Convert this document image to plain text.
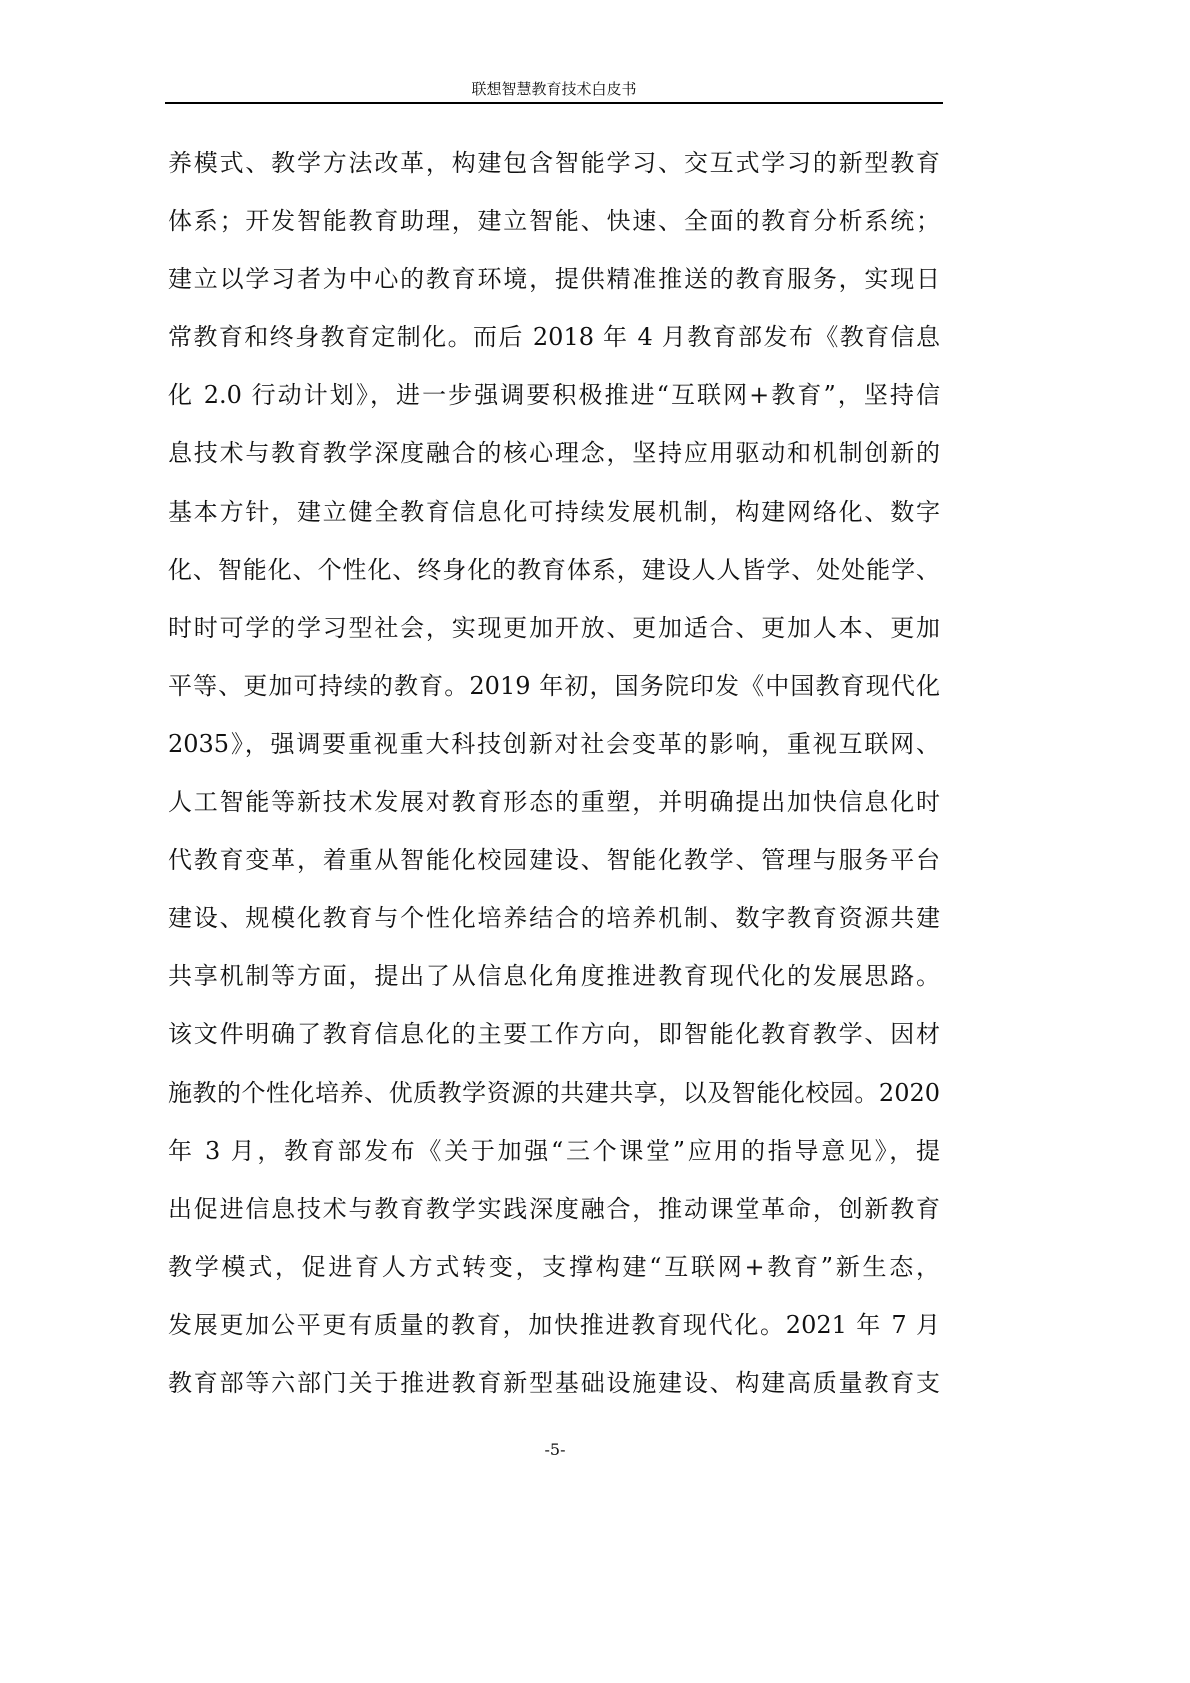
联想智慧教育技术白皮书
养模式、教学方法改革，构建包含智能学习、交互式学习的新型教育
体系；开发智能教育助理，建立智能、快速、全面的教育分析系统；
建立以学习者为中心的教育环境，提供精准推送的教育服务，实现日
常教育和终身教育定制化。而后 2018 年 4 月教育部发布《教育信息
化 2.0 行动计划》，进一步强调要积极推进“互联网+教育”，坚持信
息技术与教育教学深度融合的核心理念，坚持应用驱动和机制创新的
基本方针，建立健全教育信息化可持续发展机制，构建网络化、数字
化、智能化、个性化、终身化的教育体系，建设人人皆学、处处能学、
时时可学的学习型社会，实现更加开放、更加适合、更加人本、更加
平等、更加可持续的教育。2019 年初，国务院印发《中国教育现代化
2035》，强调要重视重大科技创新对社会变革的影响，重视互联网、
人工智能等新技术发展对教育形态的重塑，并明确提出加快信息化时
代教育变革，着重从智能化校园建设、智能化教学、管理与服务平台
建设、规模化教育与个性化培养结合的培养机制、数字教育资源共建
共享机制等方面，提出了从信息化角度推进教育现代化的发展思路。
该文件明确了教育信息化的主要工作方向，即智能化教育教学、因材
施教的个性化培养、优质教学资源的共建共享，以及智能化校园。2020
年 3 月，教育部发布《关于加强“三个课堂”应用的指导意见》，提
出促进信息技术与教育教学实践深度融合，推动课堂革命，创新教育
教学模式，促进育人方式转变，支撑构建“互联网+教育”新生态，
发展更加公平更有质量的教育，加快推进教育现代化。2021 年 7 月
教育部等六部门关于推进教育新型基础设施建设、构建高质量教育支
-5-
